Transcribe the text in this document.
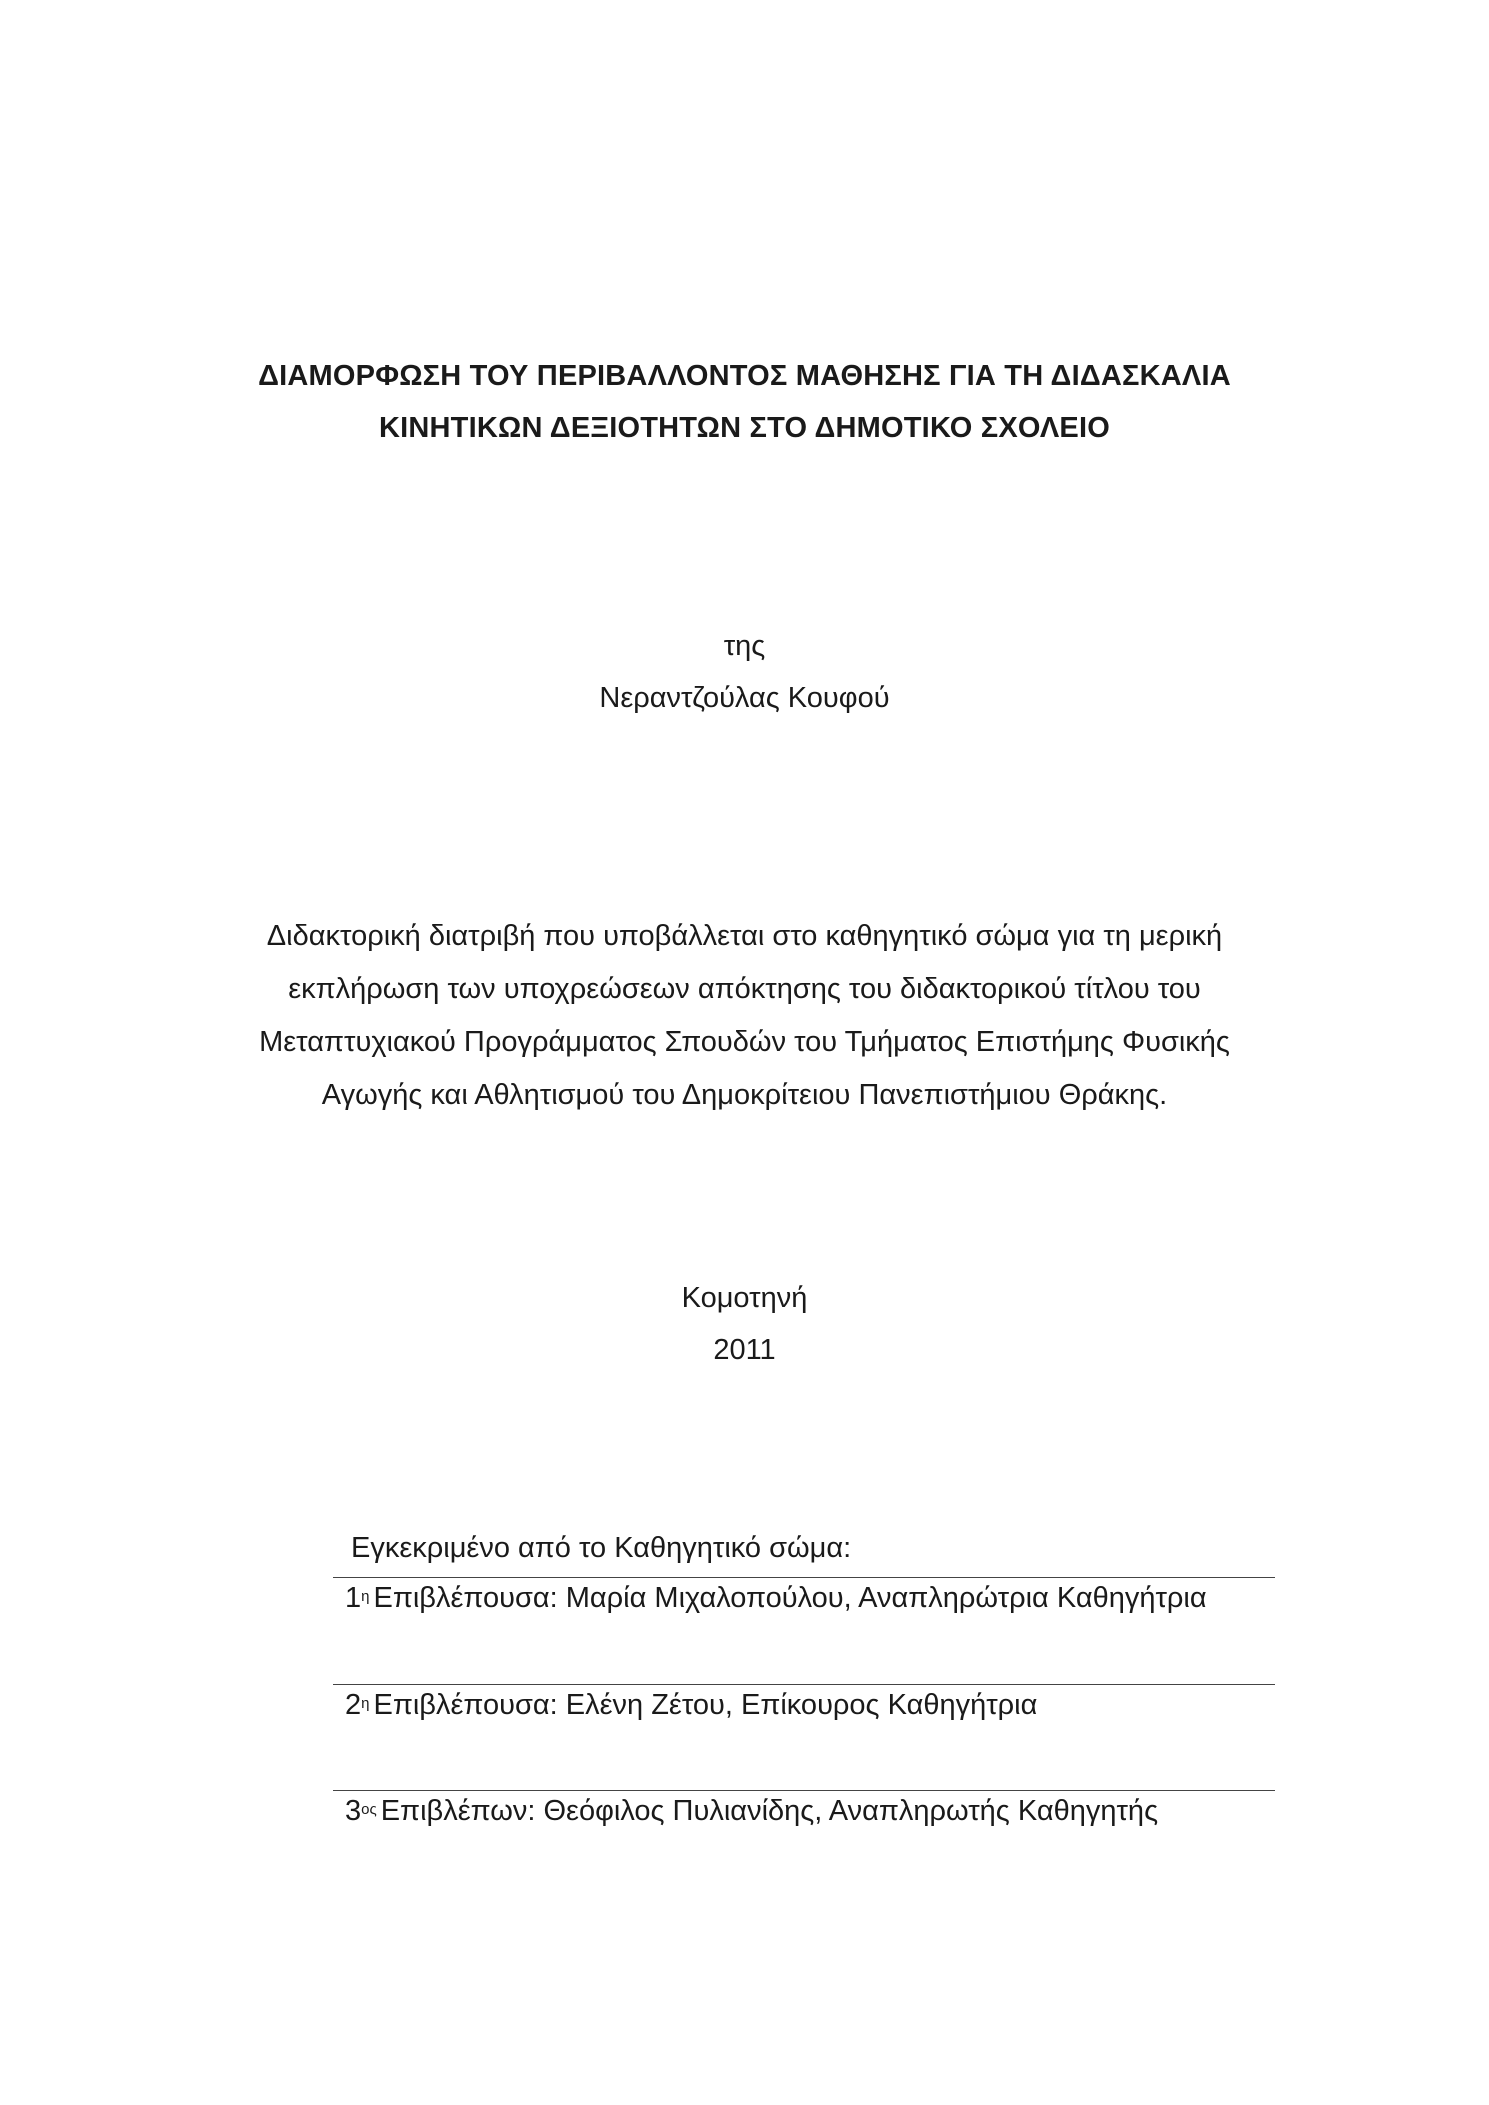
ΔΙΑΜΟΡΦΩΣΗ ΤΟΥ ΠΕΡΙΒΑΛΛΟΝΤΟΣ ΜΑΘΗΣΗΣ ΓΙΑ ΤΗ ΔΙΔΑΣΚΑΛΙΑ
ΚΙΝΗΤΙΚΩΝ ΔΕΞΙΟΤΗΤΩΝ ΣΤΟ ΔΗΜΟΤΙΚΟ ΣΧΟΛΕΙΟ
της
Νεραντζούλας Κουφού
Διδακτορική διατριβή που υποβάλλεται στο καθηγητικό σώμα για τη μερική
εκπλήρωση των υποχρεώσεων απόκτησης του διδακτορικού τίτλου του
Μεταπτυχιακού Προγράμματος Σπουδών του Τμήματος Επιστήμης Φυσικής
Αγωγής και Αθλητισμού του Δημοκρίτειου Πανεπιστήμιου Θράκης.
Κομοτηνή
2011
Εγκεκριμένο από το Καθηγητικό σώμα:
$1^\eta$ Επιβλέπουσα: Μαρία Μιχαλοπούλου, Αναπληρώτρια Καθηγήτρια
$2^\eta$ Επιβλέπουσα: Ελένη Ζέτου, Επίκουρος Καθηγήτρια
$3^{o\varsigma}$ Επιβλέπων: Θεόφιλος Πυλιανίδης, Αναπληρωτής Καθηγητής
